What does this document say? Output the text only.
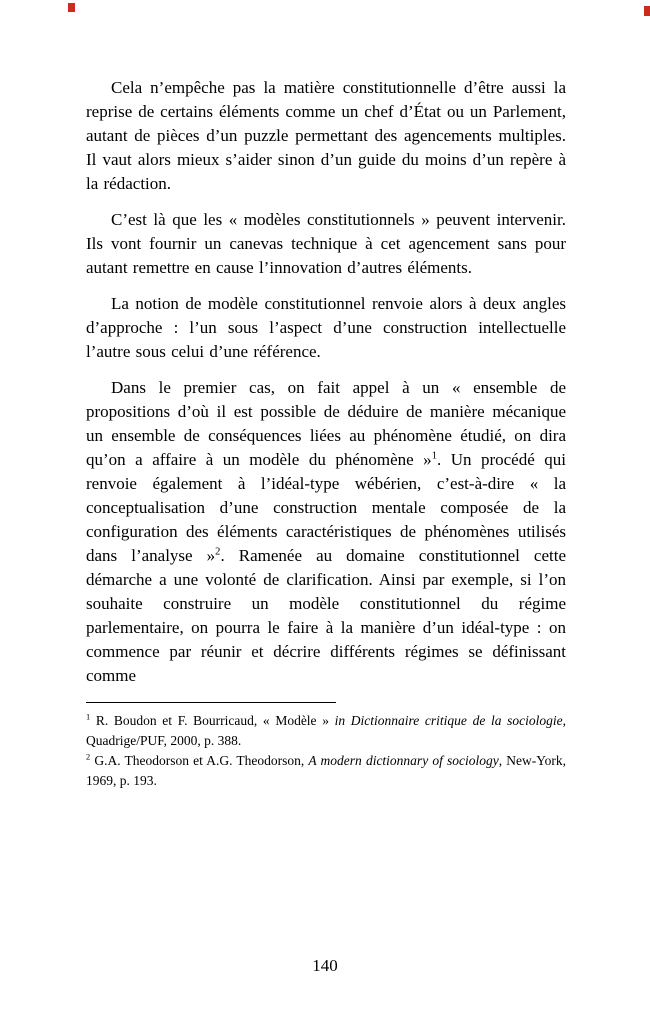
Cela n’empêche pas la matière constitutionnelle d’être aussi la reprise de certains éléments comme un chef d’État ou un Parlement, autant de pièces d’un puzzle permettant des agencements multiples. Il vaut alors mieux s’aider sinon d’un guide du moins d’un repère à la rédaction.

C’est là que les « modèles constitutionnels » peuvent intervenir. Ils vont fournir un canevas technique à cet agencement sans pour autant remettre en cause l’innovation d’autres éléments.

La notion de modèle constitutionnel renvoie alors à deux angles d’approche : l’un sous l’aspect d’une construction intellectuelle l’autre sous celui d’une référence.

Dans le premier cas, on fait appel à un « ensemble de propositions d’où il est possible de déduire de manière mécanique un ensemble de conséquences liées au phénomène étudié, on dira qu’on a affaire à un modèle du phénomène »$^1$. Un procédé qui renvoie également à l’idéal-type wébérien, c’est-à-dire « la conceptualisation d’une construction mentale composée de la configuration des éléments caractéristiques de phénomènes utilisés dans l’analyse »$^2$. Ramenée au domaine constitutionnel cette démarche a une volonté de clarification. Ainsi par exemple, si l’on souhaite construire un modèle constitutionnel du régime parlementaire, on pourra le faire à la manière d’un idéal-type : on commence par réunir et décrire différents régimes se définissant comme

$^1$ R. Boudon et F. Bourricaud, « Modèle » in Dictionnaire critique de la sociologie, Quadrige/PUF, 2000, p. 388.

$^2$ G.A. Theodorson et A.G. Theodorson, A modern dictionnary of sociology, New-York, 1969, p. 193.

140
